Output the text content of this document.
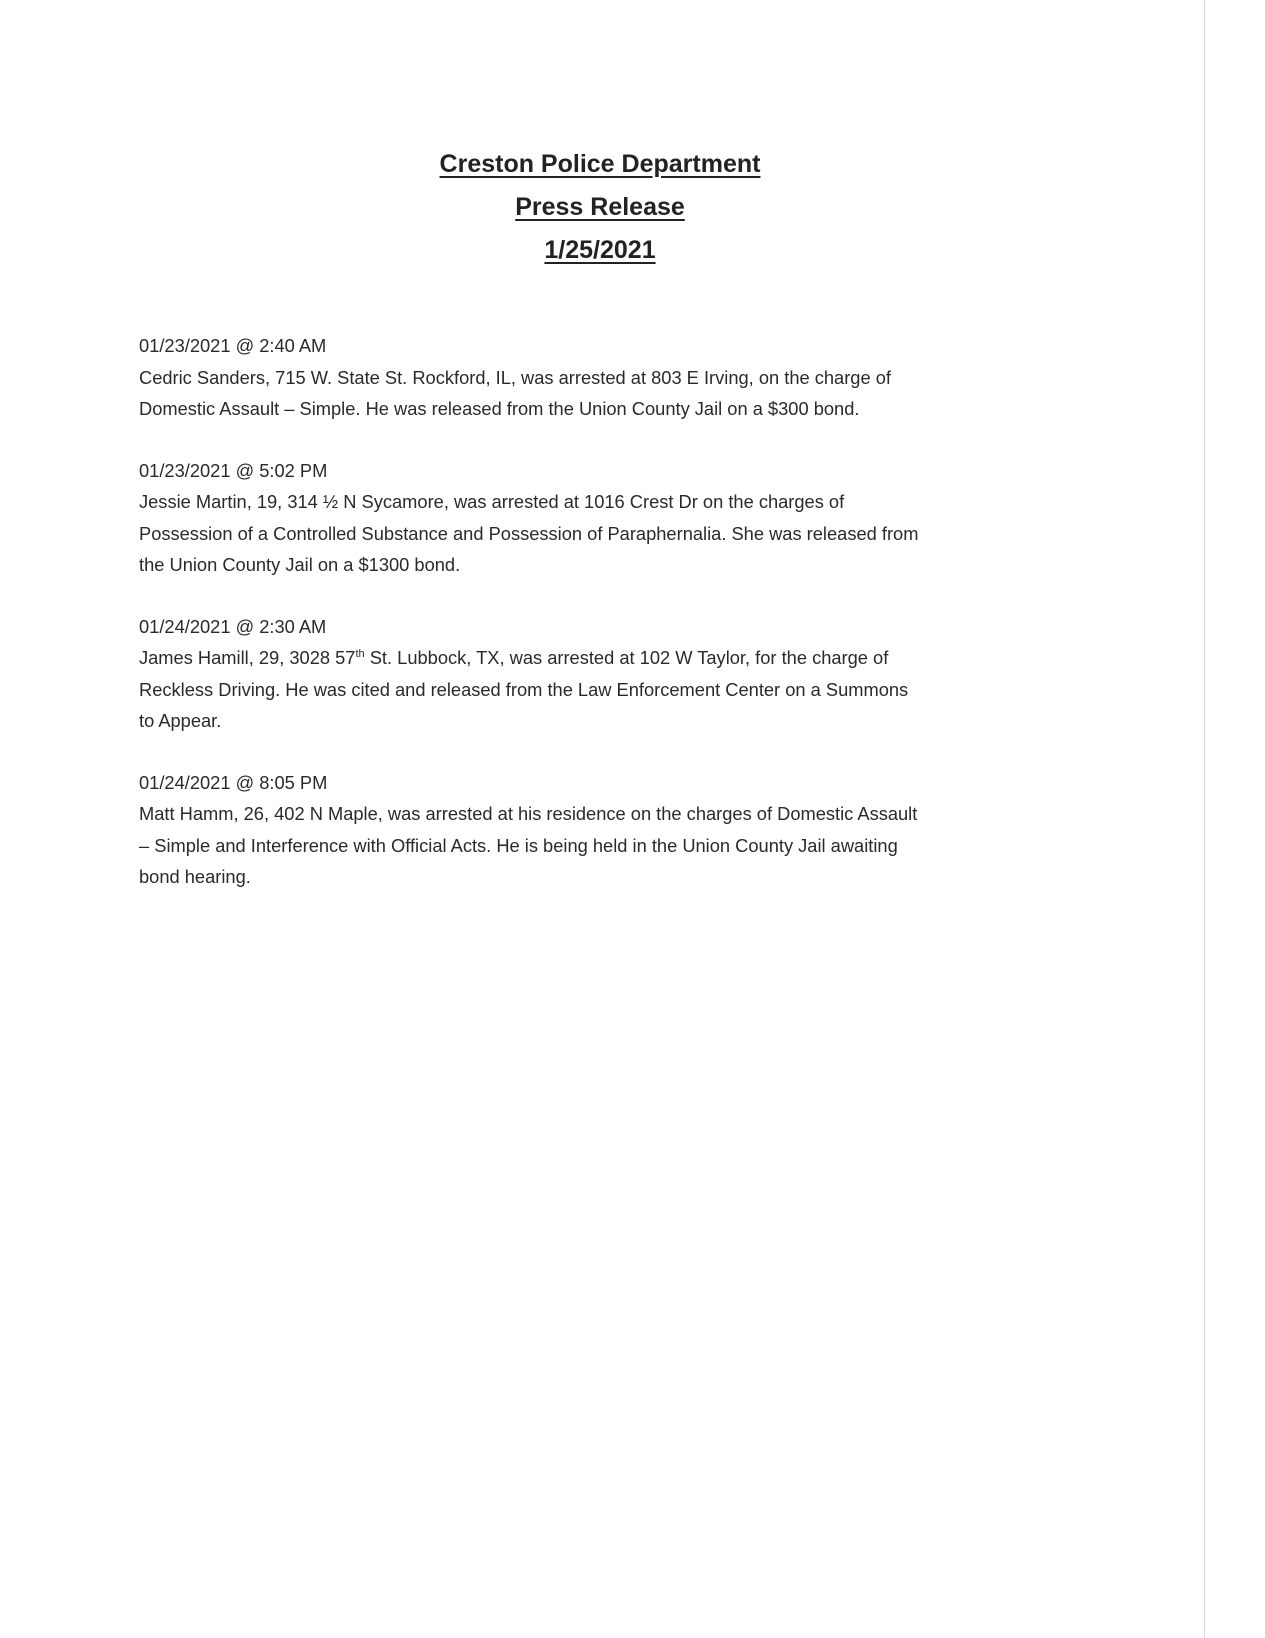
Creston Police Department
Press Release
1/25/2021
01/23/2021 @ 2:40 AM
Cedric Sanders, 715 W. State St. Rockford, IL, was arrested at 803 E Irving, on the charge of
Domestic Assault – Simple. He was released from the Union County Jail on a $300 bond.
01/23/2021 @ 5:02 PM
Jessie Martin, 19, 314 ½ N Sycamore, was arrested at 1016 Crest Dr on the charges of
Possession of a Controlled Substance and Possession of Paraphernalia. She was released from
the Union County Jail on a $1300 bond.
01/24/2021 @ 2:30 AM
James Hamill, 29, 3028 57th St. Lubbock, TX, was arrested at 102 W Taylor, for the charge of
Reckless Driving. He was cited and released from the Law Enforcement Center on a Summons
to Appear.
01/24/2021 @ 8:05 PM
Matt Hamm, 26, 402 N Maple, was arrested at his residence on the charges of Domestic Assault
– Simple and Interference with Official Acts. He is being held in the Union County Jail awaiting
bond hearing.
